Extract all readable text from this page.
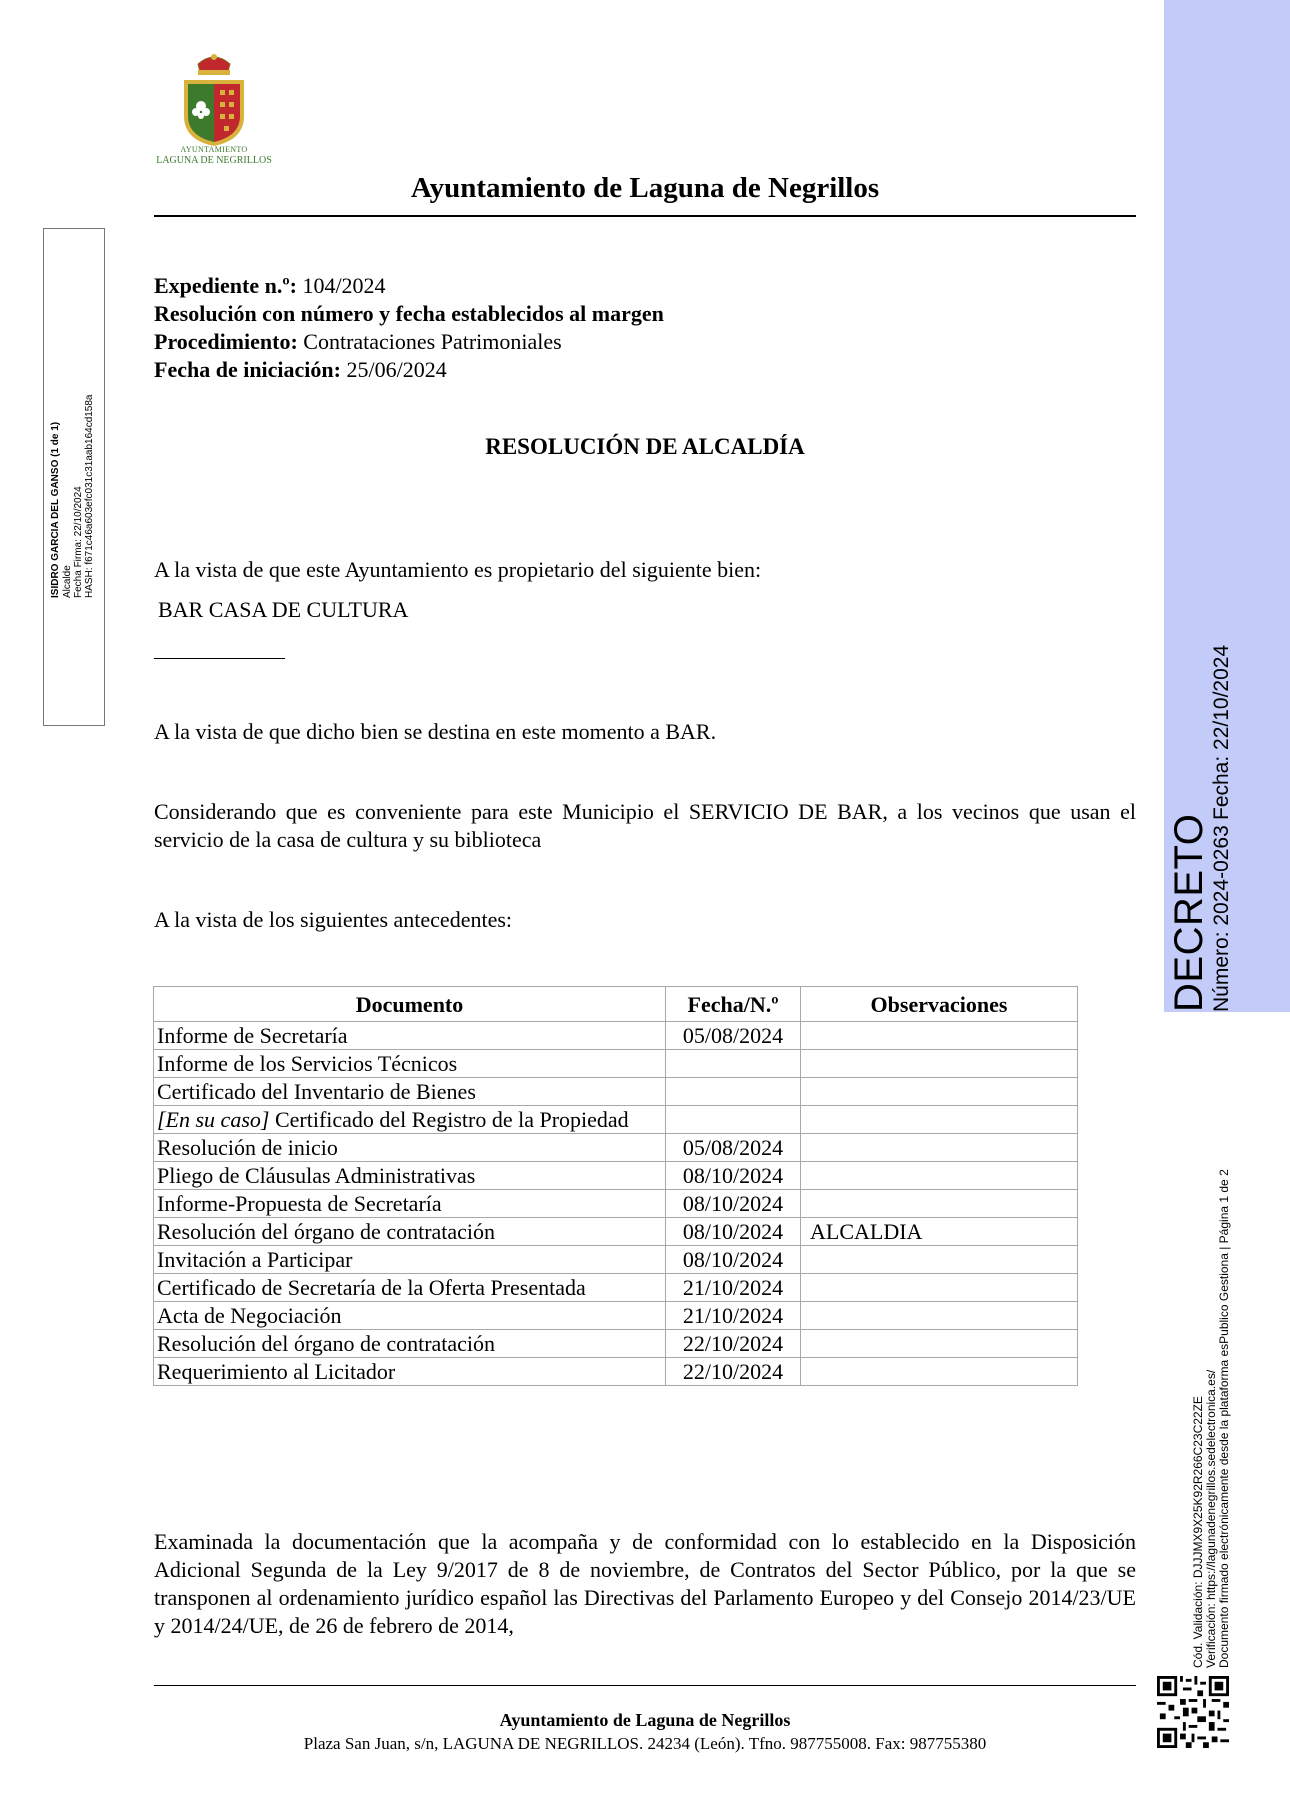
DECRETO Número: 2024-0263
Fecha: 22/10/2024
ISIDRO GARCIA DEL GANSO (1 de 1) Alcalde Fecha Firma: 22/10/2024 HASH: f671c46a603efc031c31aab164cd158a
Cód. Validación: DJJJMX9X25K92R266C23C22ZE Verificación: https://lagunadenegrillos.sedelectronica.es/ Documento firmado electrónicamente desde la plataforma esPublico Gestiona | Página 1 de 2
AYUNTAMIENTO
LAGUNA DE NEGRILLOS
Ayuntamiento de Laguna de Negrillos
Expediente n.º: 104/2024
Resolución con número y fecha establecidos al margen
Procedimiento: Contrataciones Patrimoniales
Fecha de iniciación: 25/06/2024
RESOLUCIÓN DE ALCALDÍA
A la vista de que este Ayuntamiento es propietario del siguiente bien:
BAR CASA DE CULTURA
A la vista de que dicho bien se destina en este momento a BAR.
Considerando que es conveniente para este Municipio el SERVICIO DE BAR, a los vecinos que usan el servicio de la casa de cultura y su biblioteca
A la vista de los siguientes antecedentes:
Documento	Fecha/N.º	Observaciones
Informe de Secretaría	05/08/2024	
Informe de los Servicios Técnicos		
Certificado del Inventario de Bienes		
[En su caso] Certificado del Registro de la Propiedad		
Resolución de inicio	05/08/2024	
Pliego de Cláusulas Administrativas	08/10/2024	
Informe-Propuesta de Secretaría	08/10/2024	
Resolución del órgano de contratación	08/10/2024	ALCALDIA
Invitación a Participar	08/10/2024	
Certificado de Secretaría de la Oferta Presentada	21/10/2024	
Acta de Negociación	21/10/2024	
Resolución del órgano de contratación	22/10/2024	
Requerimiento al Licitador	22/10/2024	
Examinada la documentación que la acompaña y de conformidad con lo establecido en la Disposición Adicional Segunda de la Ley 9/2017 de 8 de noviembre, de Contratos del Sector Público, por la que se transponen al ordenamiento jurídico español las Directivas del Parlamento Europeo y del Consejo 2014/23/UE y 2014/24/UE, de 26 de febrero de 2014,
Ayuntamiento de Laguna de Negrillos
Plaza San Juan, s/n, LAGUNA DE NEGRILLOS. 24234 (León). Tfno. 987755008. Fax: 987755380
